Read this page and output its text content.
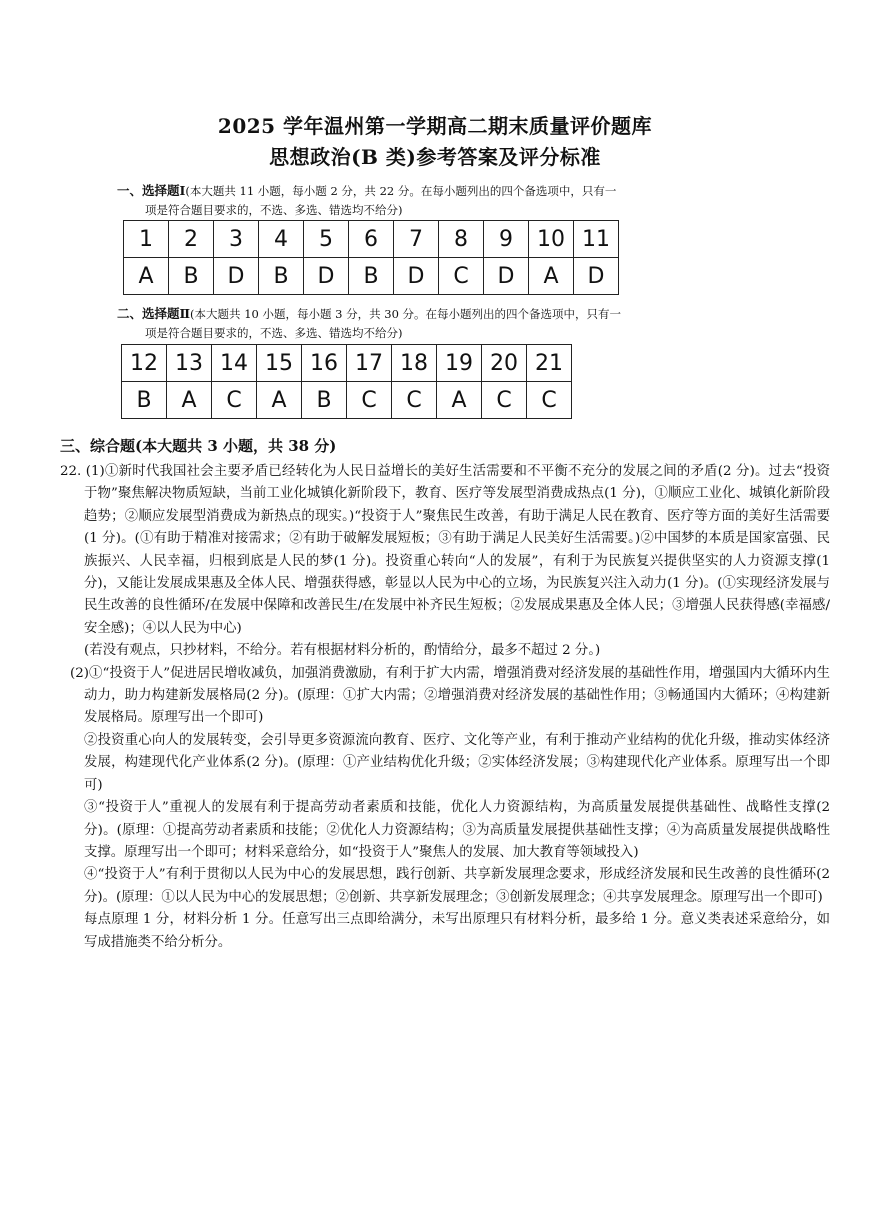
2025 学年温州第一学期高二期末质量评价题库
思想政治(B 类)参考答案及评分标准
一、选择题Ⅰ(本大题共 11 小题，每小题 2 分，共 22 分。在每小题列出的四个备选项中，只有一
项是符合题目要求的，不选、多选、错选均不给分)
1	2	3	4	5	6	7	8	9	10	11
A	B	D	B	D	B	D	C	D	A	D
二、选择题Ⅱ(本大题共 10 小题，每小题 3 分，共 30 分。在每小题列出的四个备选项中，只有一
项是符合题目要求的，不选、多选、错选均不给分)
12	13	14	15	16	17	18	19	20	21
B	A	C	A	B	C	C	A	C	C
三、综合题(本大题共 3 小题，共 38 分)

22. (1)①新时代我国社会主要矛盾已经转化为人民日益增长的美好生活需要和不平衡不充分的发展之间的矛盾(2 分)。过去“投资于物”聚焦解决物质短缺，当前工业化城镇化新阶段下，教育、医疗等发展型消费成热点(1 分)，①顺应工业化、城镇化新阶段趋势；②顺应发展型消费成为新热点的现实。)“投资于人”聚焦民生改善，有助于满足人民在教育、医疗等方面的美好生活需要(1 分)。(①有助于精准对接需求；②有助于破解发展短板；③有助于满足人民美好生活需要。)②中国梦的本质是国家富强、民族振兴、人民幸福，归根到底是人民的梦(1 分)。投资重心转向“人的发展”，有利于为民族复兴提供坚实的人力资源支撑(1 分)，又能让发展成果惠及全体人民、增强获得感，彰显以人民为中心的立场，为民族复兴注入动力(1 分)。(①实现经济发展与民生改善的良性循环/在发展中保障和改善民生/在发展中补齐民生短板；②发展成果惠及全体人民；③增强人民获得感(幸福感/安全感)；④以人民为中心)

(若没有观点，只抄材料，不给分。若有根据材料分析的，酌情给分，最多不超过 2 分。)

(2)①“投资于人”促进居民增收减负，加强消费激励，有利于扩大内需，增强消费对经济发展的基础性作用，增强国内大循环内生动力，助力构建新发展格局(2 分)。(原理：①扩大内需；②增强消费对经济发展的基础性作用；③畅通国内大循环；④构建新发展格局。原理写出一个即可)

②投资重心向人的发展转变，会引导更多资源流向教育、医疗、文化等产业，有利于推动产业结构的优化升级，推动实体经济发展，构建现代化产业体系(2 分)。(原理：①产业结构优化升级；②实体经济发展；③构建现代化产业体系。原理写出一个即可)

③“投资于人”重视人的发展有利于提高劳动者素质和技能，优化人力资源结构，为高质量发展提供基础性、战略性支撑(2 分)。(原理：①提高劳动者素质和技能；②优化人力资源结构；③为高质量发展提供基础性支撑；④为高质量发展提供战略性支撑。原理写出一个即可；材料采意给分，如“投资于人”聚焦人的发展、加大教育等领域投入)

④“投资于人”有利于贯彻以人民为中心的发展思想，践行创新、共享新发展理念要求，形成经济发展和民生改善的良性循环(2 分)。(原理：①以人民为中心的发展思想；②创新、共享新发展理念；③创新发展理念；④共享发展理念。原理写出一个即可)

每点原理 1 分，材料分析 1 分。任意写出三点即给满分，未写出原理只有材料分析，最多给 1 分。意义类表述采意给分，如写成措施类不给分析分。
